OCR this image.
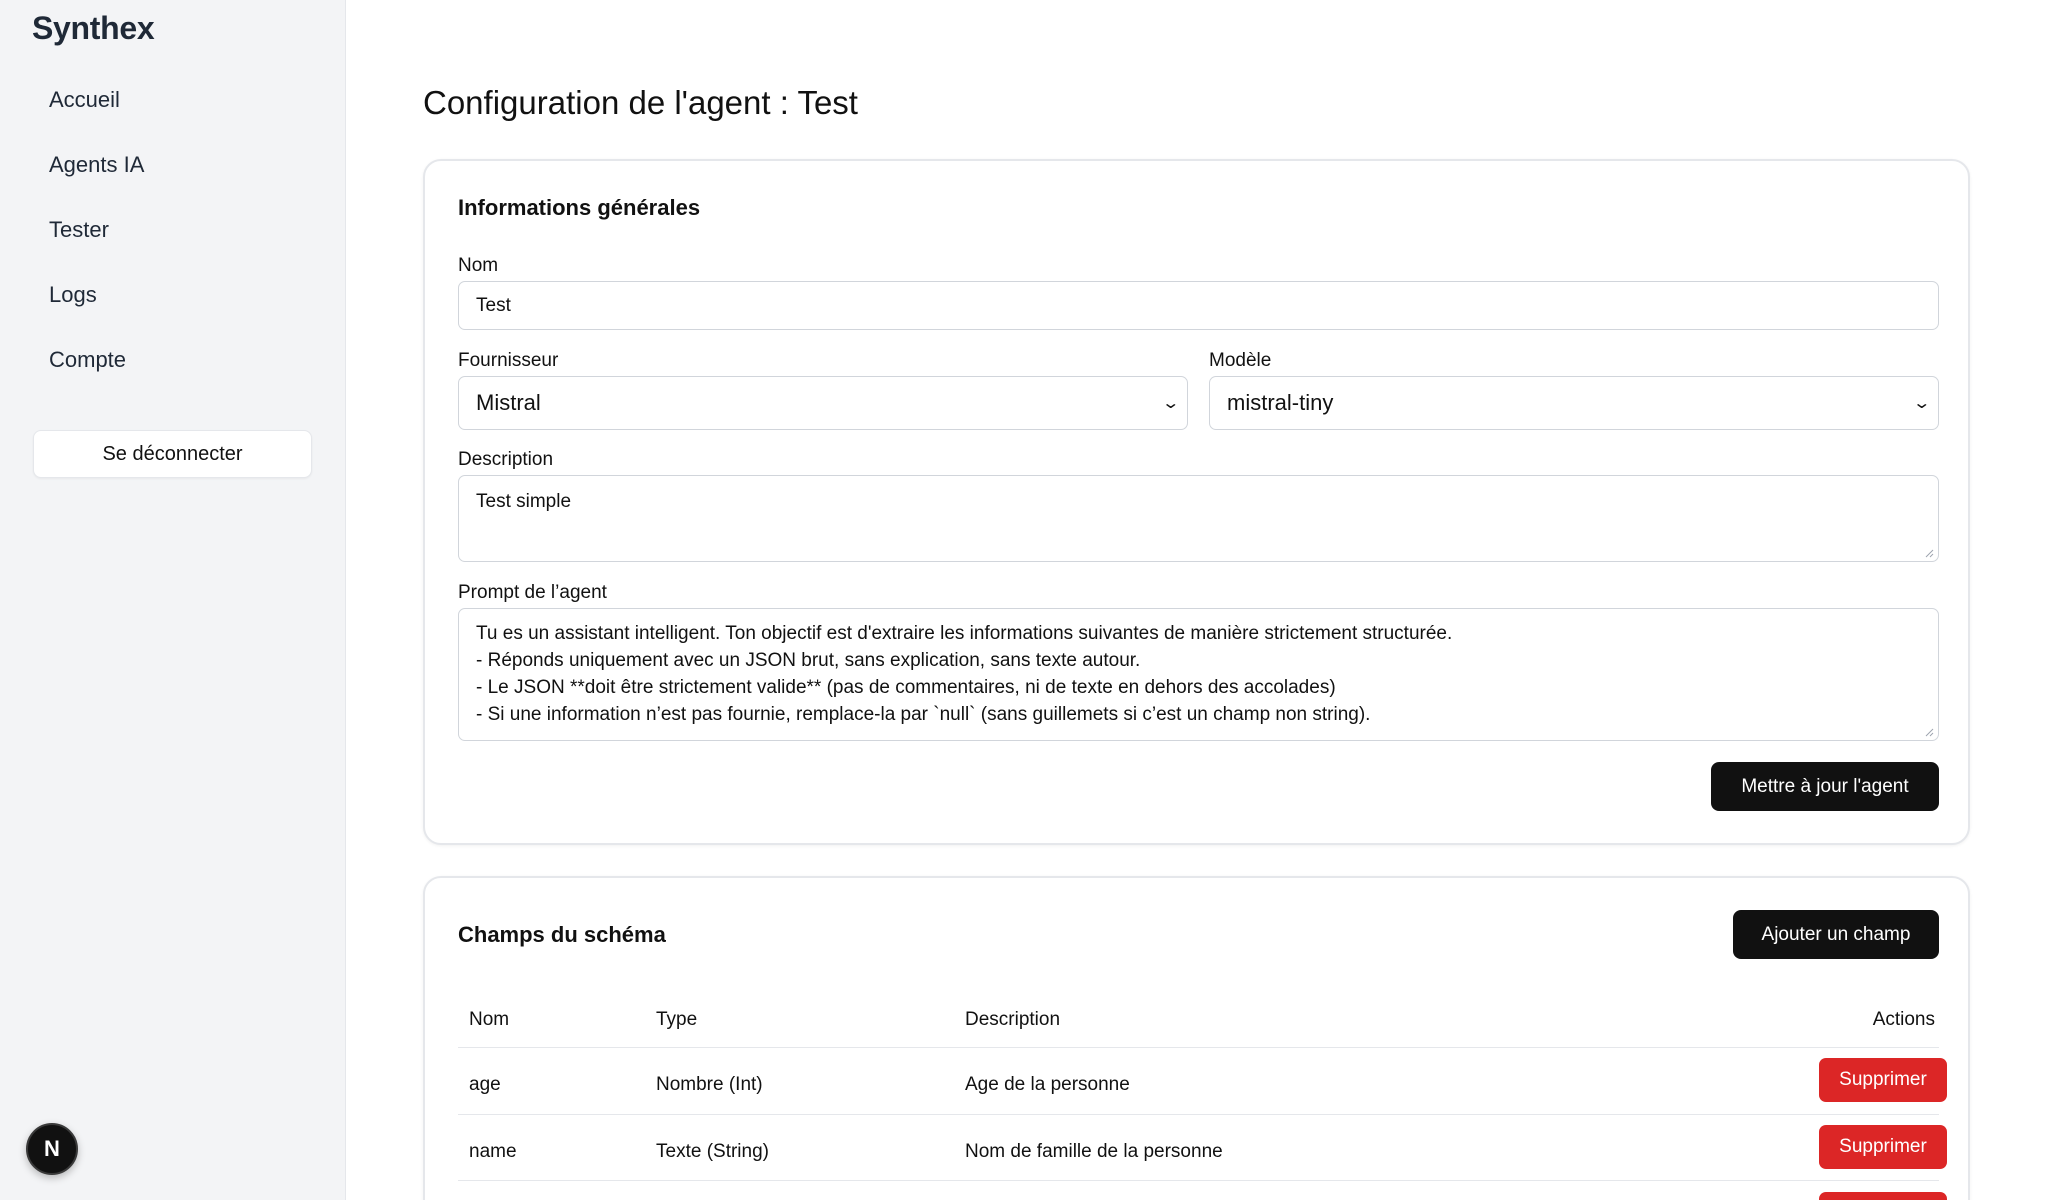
Synthex
Accueil
Agents IA
Tester
Logs
Compte
Se déconnecter
N
Configuration de l'agent : Test
Informations générales
Nom
Test
Fournisseur
Mistral	⌄
Modèle
mistral-tiny	⌄
Description
Test simple
Prompt de l’agent
Tu es un assistant intelligent. Ton objectif est d'extraire les informations suivantes de manière strictement structurée.
- Réponds uniquement avec un JSON brut, sans explication, sans texte autour.
- Le JSON **doit être strictement valide** (pas de commentaires, ni de texte en dehors des accolades)
- Si une information n’est pas fournie, remplace-la par `null` (sans guillemets si c’est un champ non string).
Mettre à jour l'agent
Champs du schéma	Ajouter un champ
Nom	Type	Description	Actions
age	Nombre (Int)	Age de la personne	Supprimer
name	Texte (String)	Nom de famille de la personne	Supprimer
